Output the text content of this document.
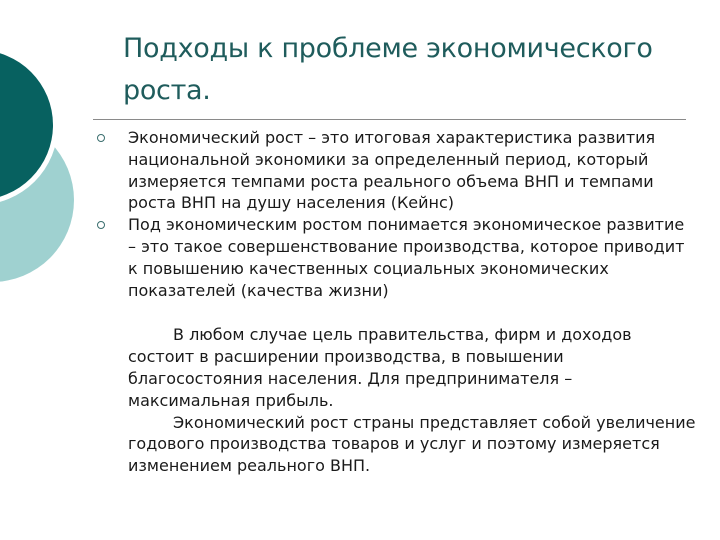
Подходы к проблеме экономического роста.

Экономический рост – это итоговая характеристика развития национальной экономики за определенный период, который измеряется темпами роста реального объема ВНП и темпами роста ВНП на душу населения (Кейнс)

Под экономическим ростом понимается экономическое развитие – это такое совершенствование производства, которое приводит к повышению качественных социальных экономических показателей (качества жизни)

В любом случае цель правительства, фирм и доходов состоит в расширении производства, в повышении благосостояния населения. Для предпринимателя – максимальная прибыль.

Экономический рост страны представляет собой увеличение годового производства товаров и услуг и поэтому измеряется изменением реального ВНП.
